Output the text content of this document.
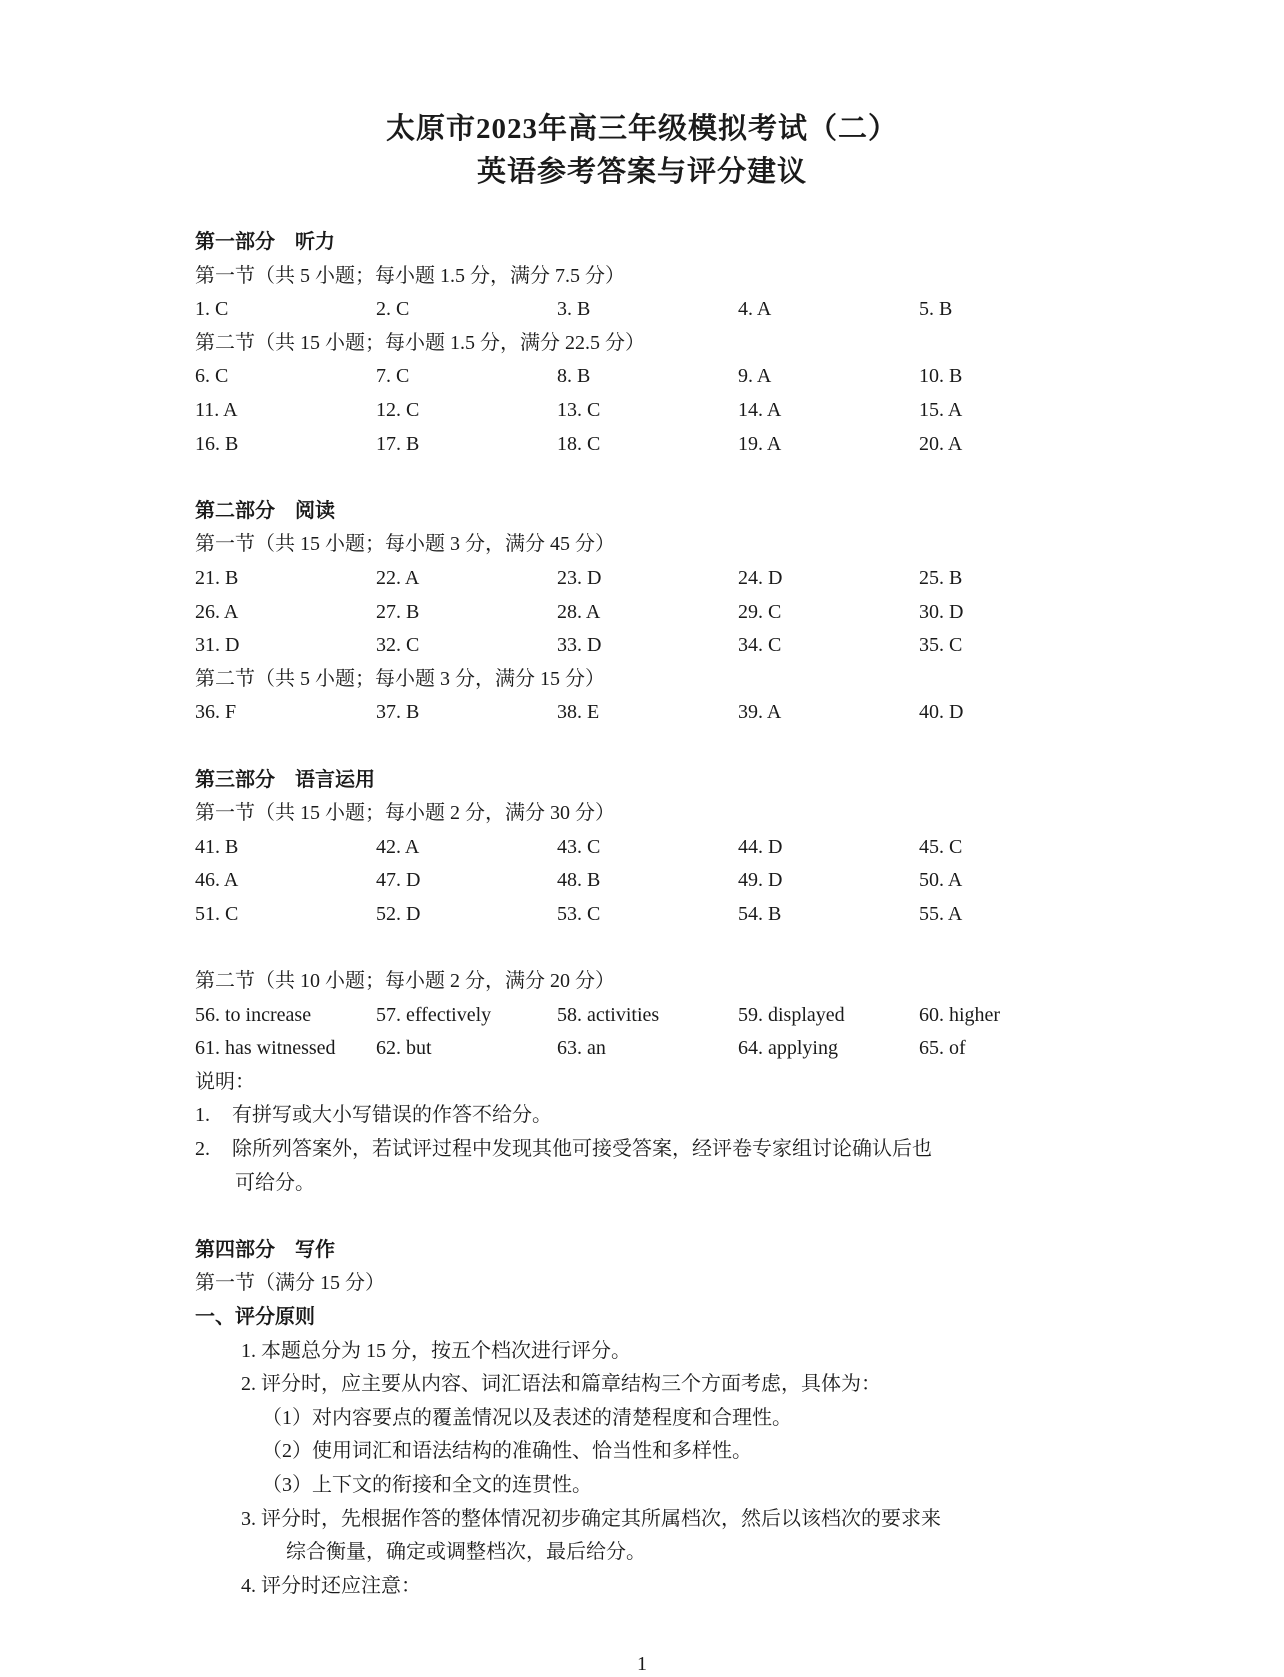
太原市2023年高三年级模拟考试（二）
英语参考答案与评分建议
第一部分　听力
第一节（共 5 小题；每小题 1.5 分，满分 7.5 分）
1. C	2. C	3. B	4. A	5. B
第二节（共 15 小题；每小题 1.5 分，满分 22.5 分）
6. C	7. C	8. B	9. A	10. B
11. A	12. C	13. C	14. A	15. A
16. B	17. B	18. C	19. A	20. A
第二部分　阅读
第一节（共 15 小题；每小题 3 分，满分 45 分）
21. B	22. A	23. D	24. D	25. B
26. A	27. B	28. A	29. C	30. D
31. D	32. C	33. D	34. C	35. C
第二节（共 5 小题；每小题 3 分，满分 15 分）
36. F	37. B	38. E	39. A	40. D
第三部分　语言运用
第一节（共 15 小题；每小题 2 分，满分 30 分）
41. B	42. A	43. C	44. D	45. C
46. A	47. D	48. B	49. D	50. A
51. C	52. D	53. C	54. B	55. A
第二节（共 10 小题；每小题 2 分，满分 20 分）
56. to increase	57. effectively	58. activities	59. displayed	60. higher
61. has witnessed	62. but	63. an	64. applying	65. of
说明：
1. 有拼写或大小写错误的作答不给分。
2. 除所列答案外，若试评过程中发现其他可接受答案，经评卷专家组讨论确认后也
可给分。
第四部分　写作
第一节（满分 15 分）
一、评分原则
1. 本题总分为 15 分，按五个档次进行评分。
2. 评分时，应主要从内容、词汇语法和篇章结构三个方面考虑，具体为：
（1）对内容要点的覆盖情况以及表述的清楚程度和合理性。
（2）使用词汇和语法结构的准确性、恰当性和多样性。
（3）上下文的衔接和全文的连贯性。
3. 评分时，先根据作答的整体情况初步确定其所属档次，然后以该档次的要求来
综合衡量，确定或调整档次，最后给分。
4. 评分时还应注意：
1
